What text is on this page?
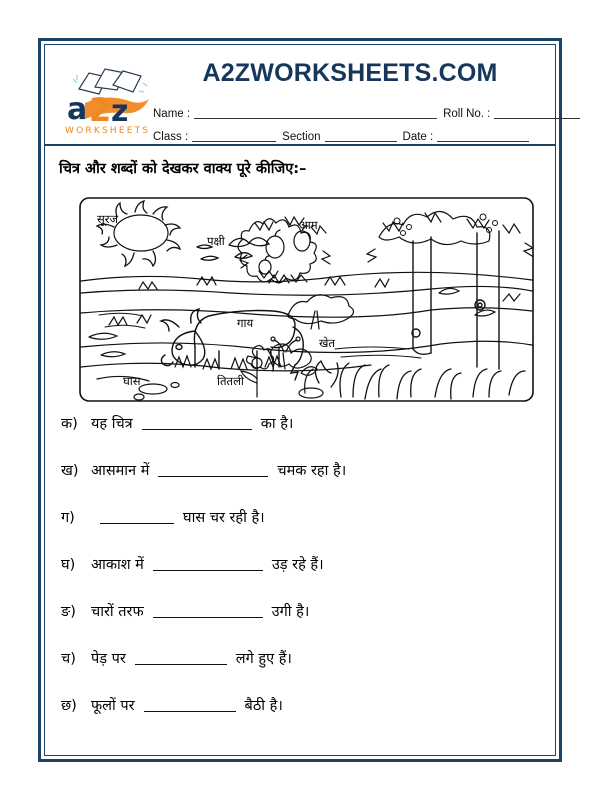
a 2 z
WORKSHEETS
A2ZWORKSHEETS.COM
Name :	Roll No. :
Class :	Section	Date :
चित्र और शब्दों को देखकर वाक्य पूरे कीजिए:–
सूरज
पक्षी
आम
गाय
खेत
घास	तितली
क) यह चित्र	का है।
ख) आसमान में	चमक रहा है।
ग)	घास चर रही है।
घ)	आकाश में	उड़ रहे हैं।
ङ)	चारों तरफ	उगी है।
च)	पेड़ पर	लगे हुए हैं।
छ) फूलों पर	बैठी है।
